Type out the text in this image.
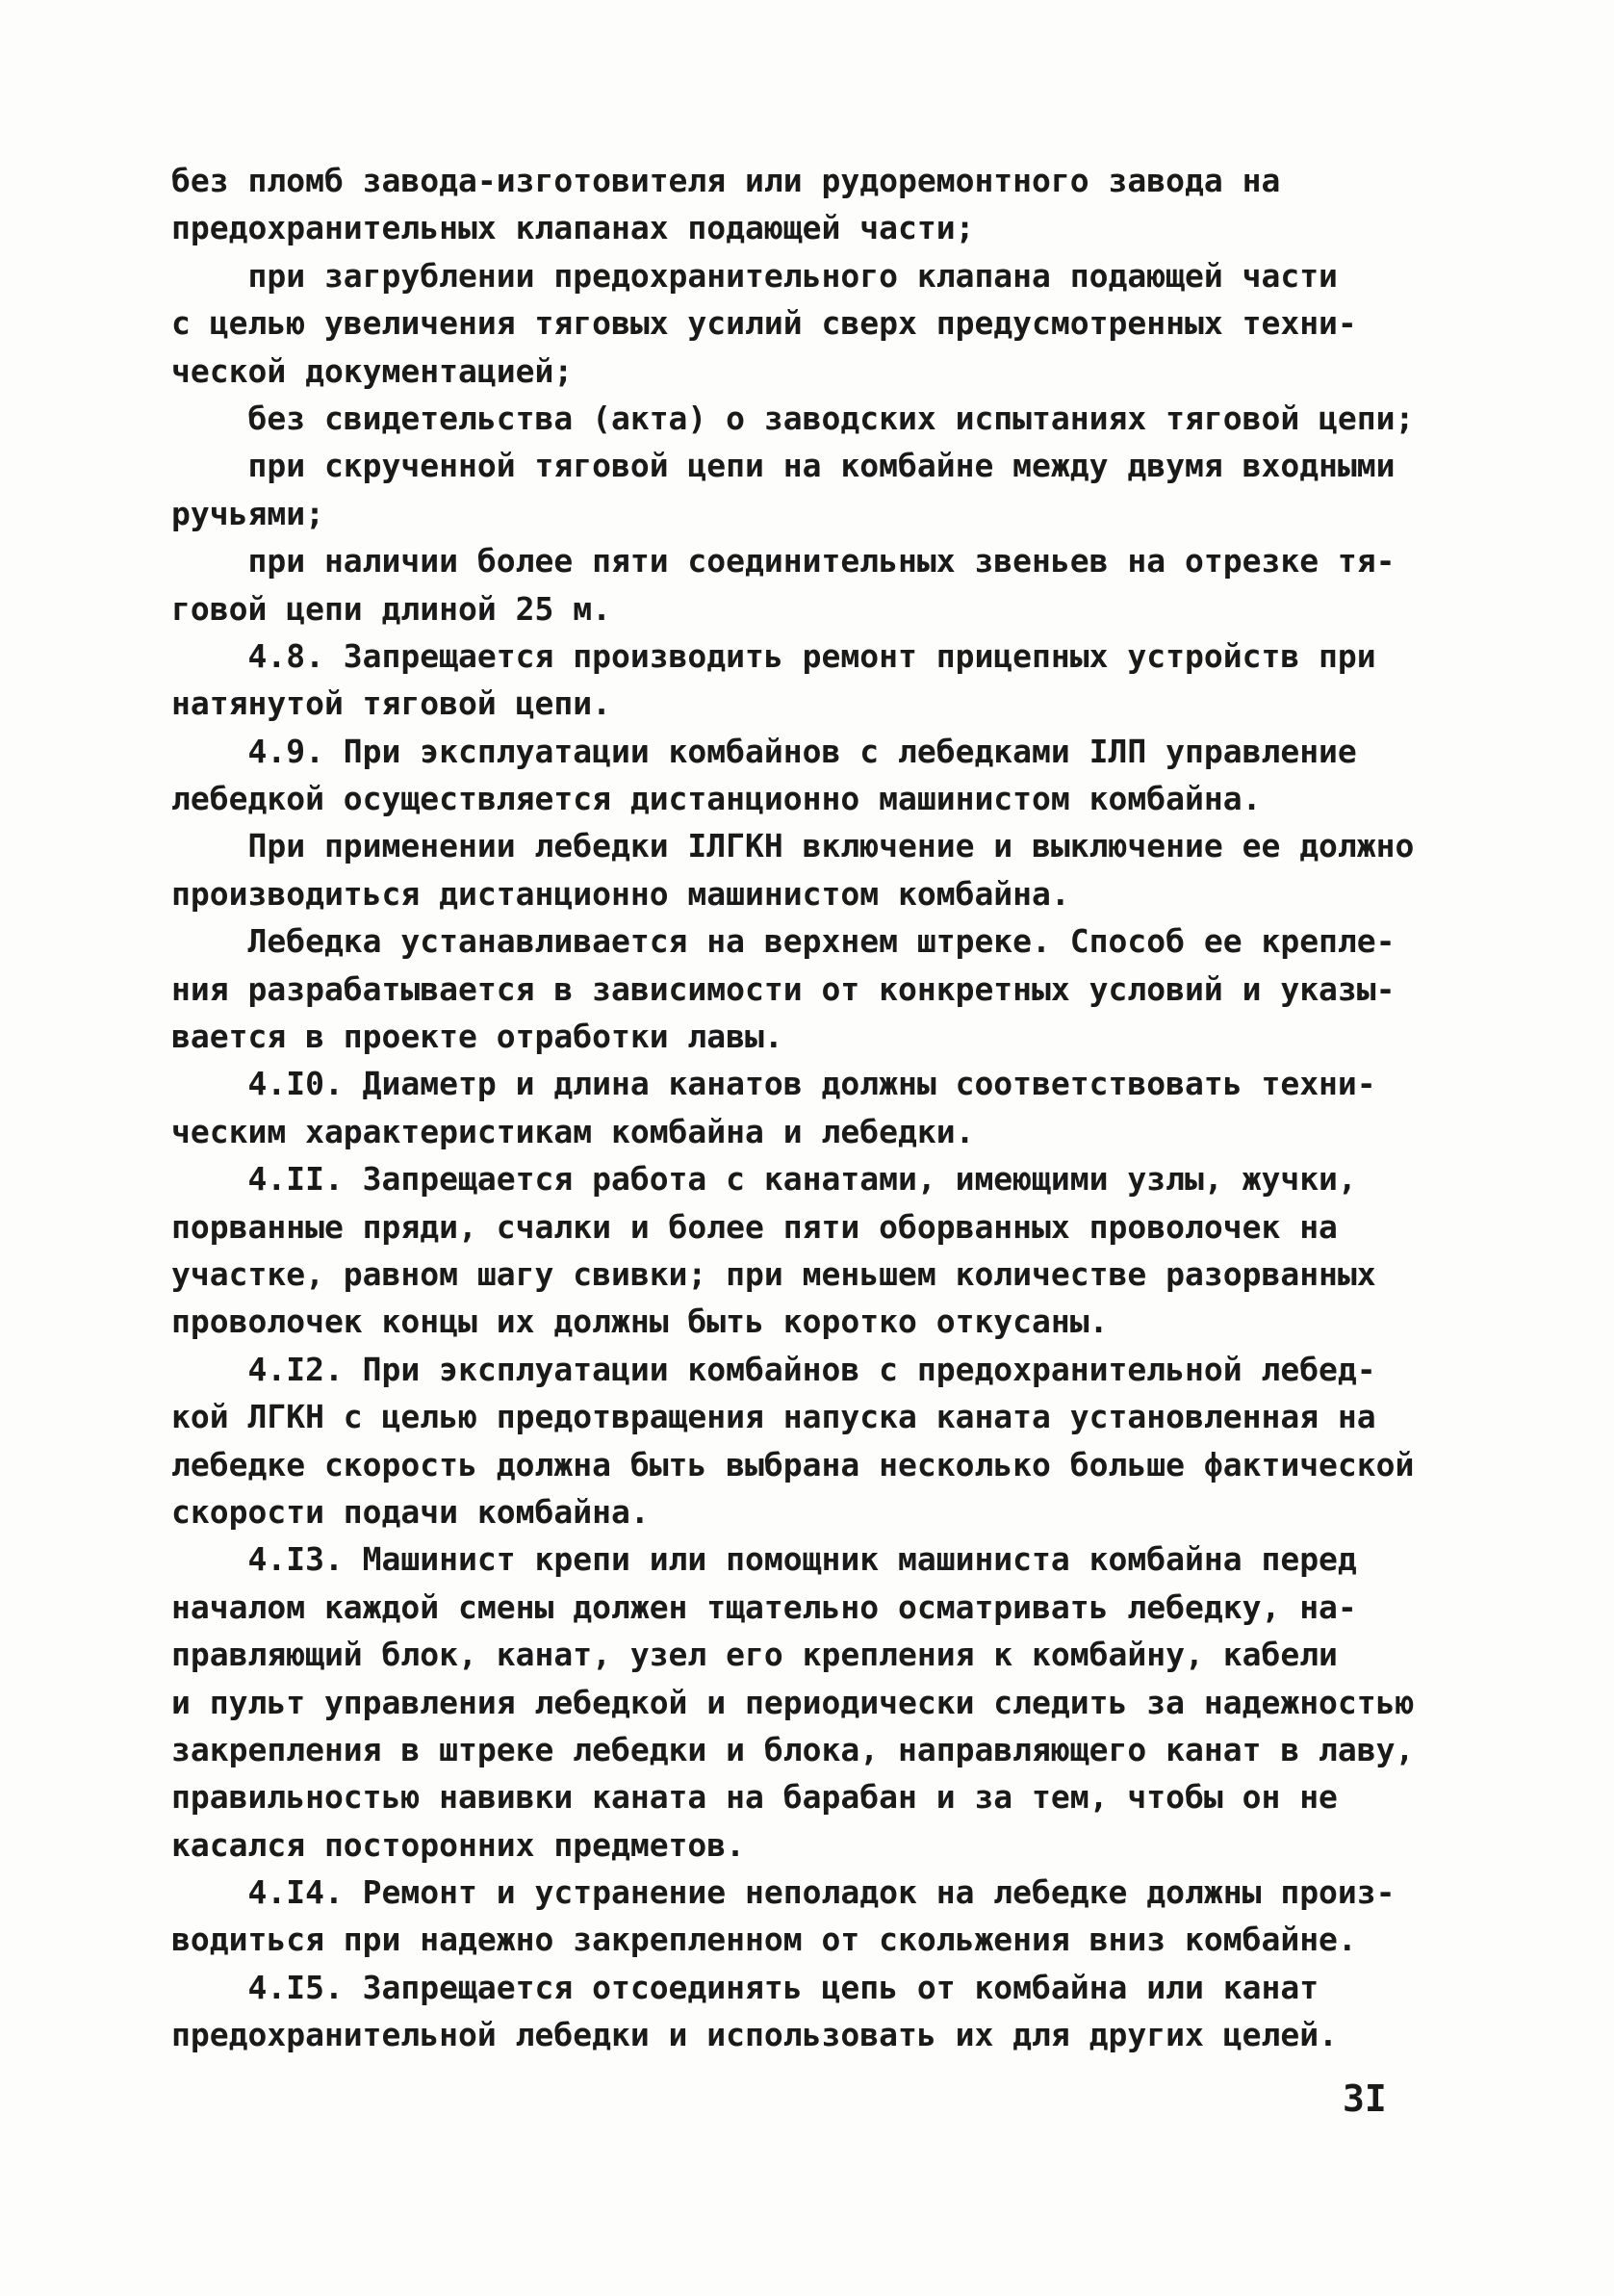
без пломб завода-изготовителя или рудоремонтного завода на
предохранительных клапанах подающей части;
при загрублении предохранительного клапана подающей части
с целью увеличения тяговых усилий сверх предусмотренных техни-
ческой документацией;
без свидетельства (акта) о заводских испытаниях тяговой цепи;
при скрученной тяговой цепи на комбайне между двумя входными
ручьями;
при наличии более пяти соединительных звеньев на отрезке тя-
говой цепи длиной 25 м.
4.8. Запрещается производить ремонт прицепных устройств при
натянутой тяговой цепи.
4.9. При эксплуатации комбайнов с лебедками IЛП управление
лебедкой осуществляется дистанционно машинистом комбайна.
При применении лебедки IЛГКН включение и выключение ее должно
производиться дистанционно машинистом комбайна.
Лебедка устанавливается на верхнем штреке. Способ ее крепле-
ния разрабатывается в зависимости от конкретных условий и указы-
вается в проекте отработки лавы.
4.I0. Диаметр и длина канатов должны соответствовать техни-
ческим характеристикам комбайна и лебедки.
4.II. Запрещается работа с канатами, имеющими узлы, жучки,
порванные пряди, счалки и более пяти оборванных проволочек на
участке, равном шагу свивки; при меньшем количестве разорванных
проволочек концы их должны быть коротко откусаны.
4.I2. При эксплуатации комбайнов с предохранительной лебед-
кой ЛГКН с целью предотвращения напуска каната установленная на
лебедке скорость должна быть выбрана несколько больше фактической
скорости подачи комбайна.
4.I3. Машинист крепи или помощник машиниста комбайна перед
началом каждой смены должен тщательно осматривать лебедку, на-
правляющий блок, канат, узел его крепления к комбайну, кабели
и пульт управления лебедкой и периодически следить за надежностью
закрепления в штреке лебедки и блока, направляющего канат в лаву,
правильностью навивки каната на барабан и за тем, чтобы он не
касался посторонних предметов.
4.I4. Ремонт и устранение неполадок на лебедке должны произ-
водиться при надежно закрепленном от скольжения вниз комбайне.
4.I5. Запрещается отсоединять цепь от комбайна или канат
предохранительной лебедки и использовать их для других целей.
3I
